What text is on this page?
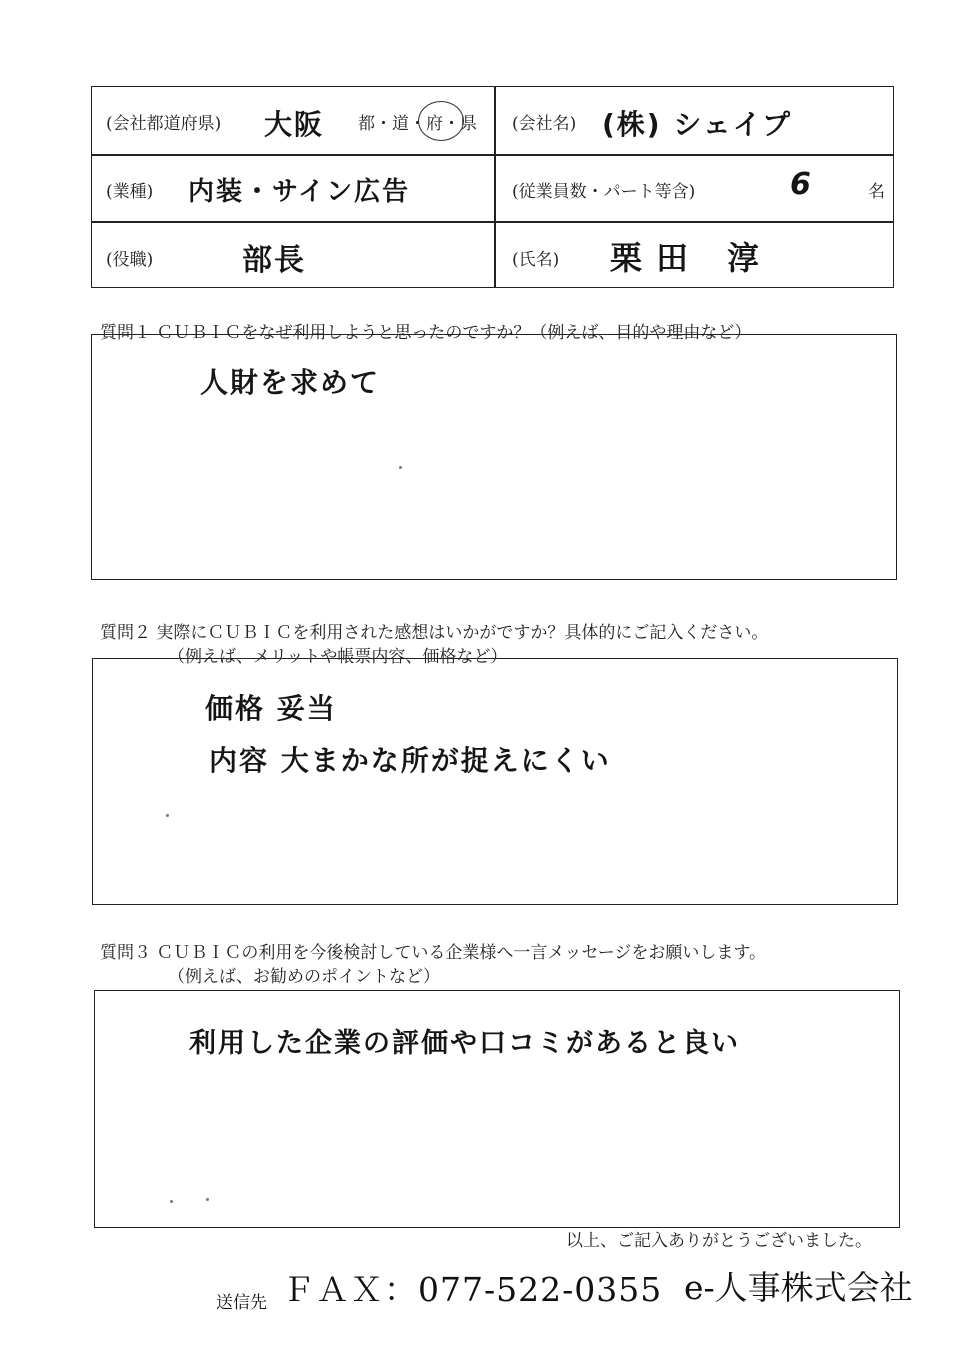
(会社都道府県) 大阪 都・道・府・県 (会社名) (株) シェイプ
(業種) 内装・サイン広告	(従業員数・パート等含)	6	名
(役職)	部長	(氏名) 栗田 淳
質問１ ＣＵＢＩＣをなぜ利用しようと思ったのですか？（例えば、目的や理由など）
人財を求めて
質問２ 実際にＣＵＢＩＣを利用された感想はいかがですか？具体的にご記入ください。
（例えば、メリットや帳票内容、価格など）
価格 妥当
内容 大まかな所が捉えにくい
質問３ ＣＵＢＩＣの利用を今後検討している企業様へ一言メッセージをお願いします。
（例えば、お勧めのポイントなど）
利用した企業の評価や口コミがあると良い
以上、ご記入ありがとうございました。
送信先 ＦＡＸ：077-522-0355 e-人事株式会社
